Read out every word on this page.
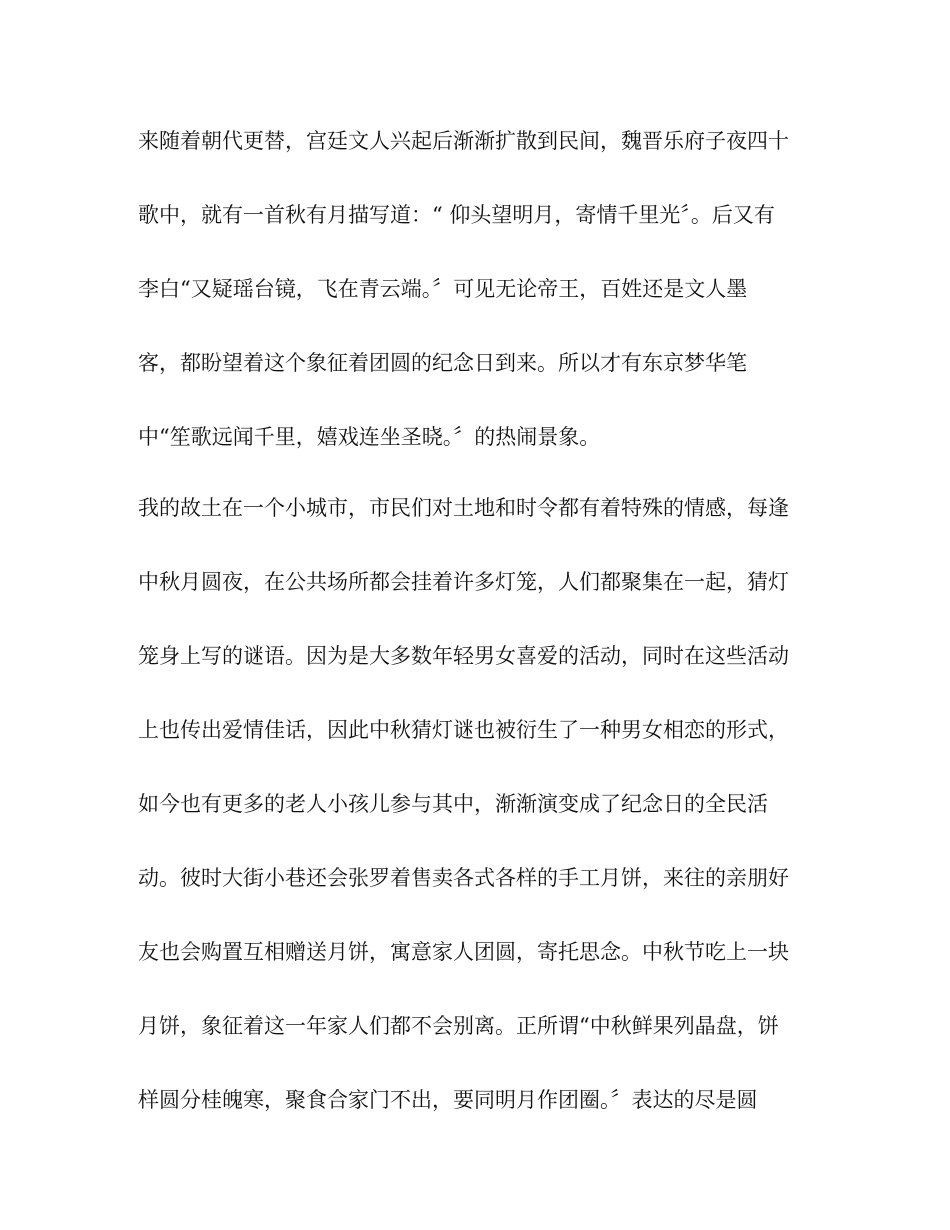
来随着朝代更替，宫廷文人兴起后渐渐扩散到民间，魏晋乐府子夜四十
歌中，就有一首秋有月描写道：“ 仰头望明月，寄情千里光〞。后又有
李白“又疑瑶台镜，飞在青云端。〞可见无论帝王，百姓还是文人墨
客，都盼望着这个象征着团圆的纪念日到来。所以才有东京梦华笔
中“笙歌远闻千里，嬉戏连坐圣晓。〞的热闹景象。
我的故土在一个小城市，市民们对土地和时令都有着特殊的情感，每逢
中秋月圆夜，在公共场所都会挂着许多灯笼，人们都聚集在一起，猜灯
笼身上写的谜语。因为是大多数年轻男女喜爱的活动，同时在这些活动
上也传出爱情佳话，因此中秋猜灯谜也被衍生了一种男女相恋的形式，
如今也有更多的老人小孩儿参与其中，渐渐演变成了纪念日的全民活
动。彼时大街小巷还会张罗着售卖各式各样的手工月饼，来往的亲朋好
友也会购置互相赠送月饼，寓意家人团圆，寄托思念。中秋节吃上一块
月饼，象征着这一年家人们都不会别离。正所谓“中秋鲜果列晶盘，饼
样圆分桂魄寒，聚食合家门不出，要同明月作团圈。〞表达的尽是圆
